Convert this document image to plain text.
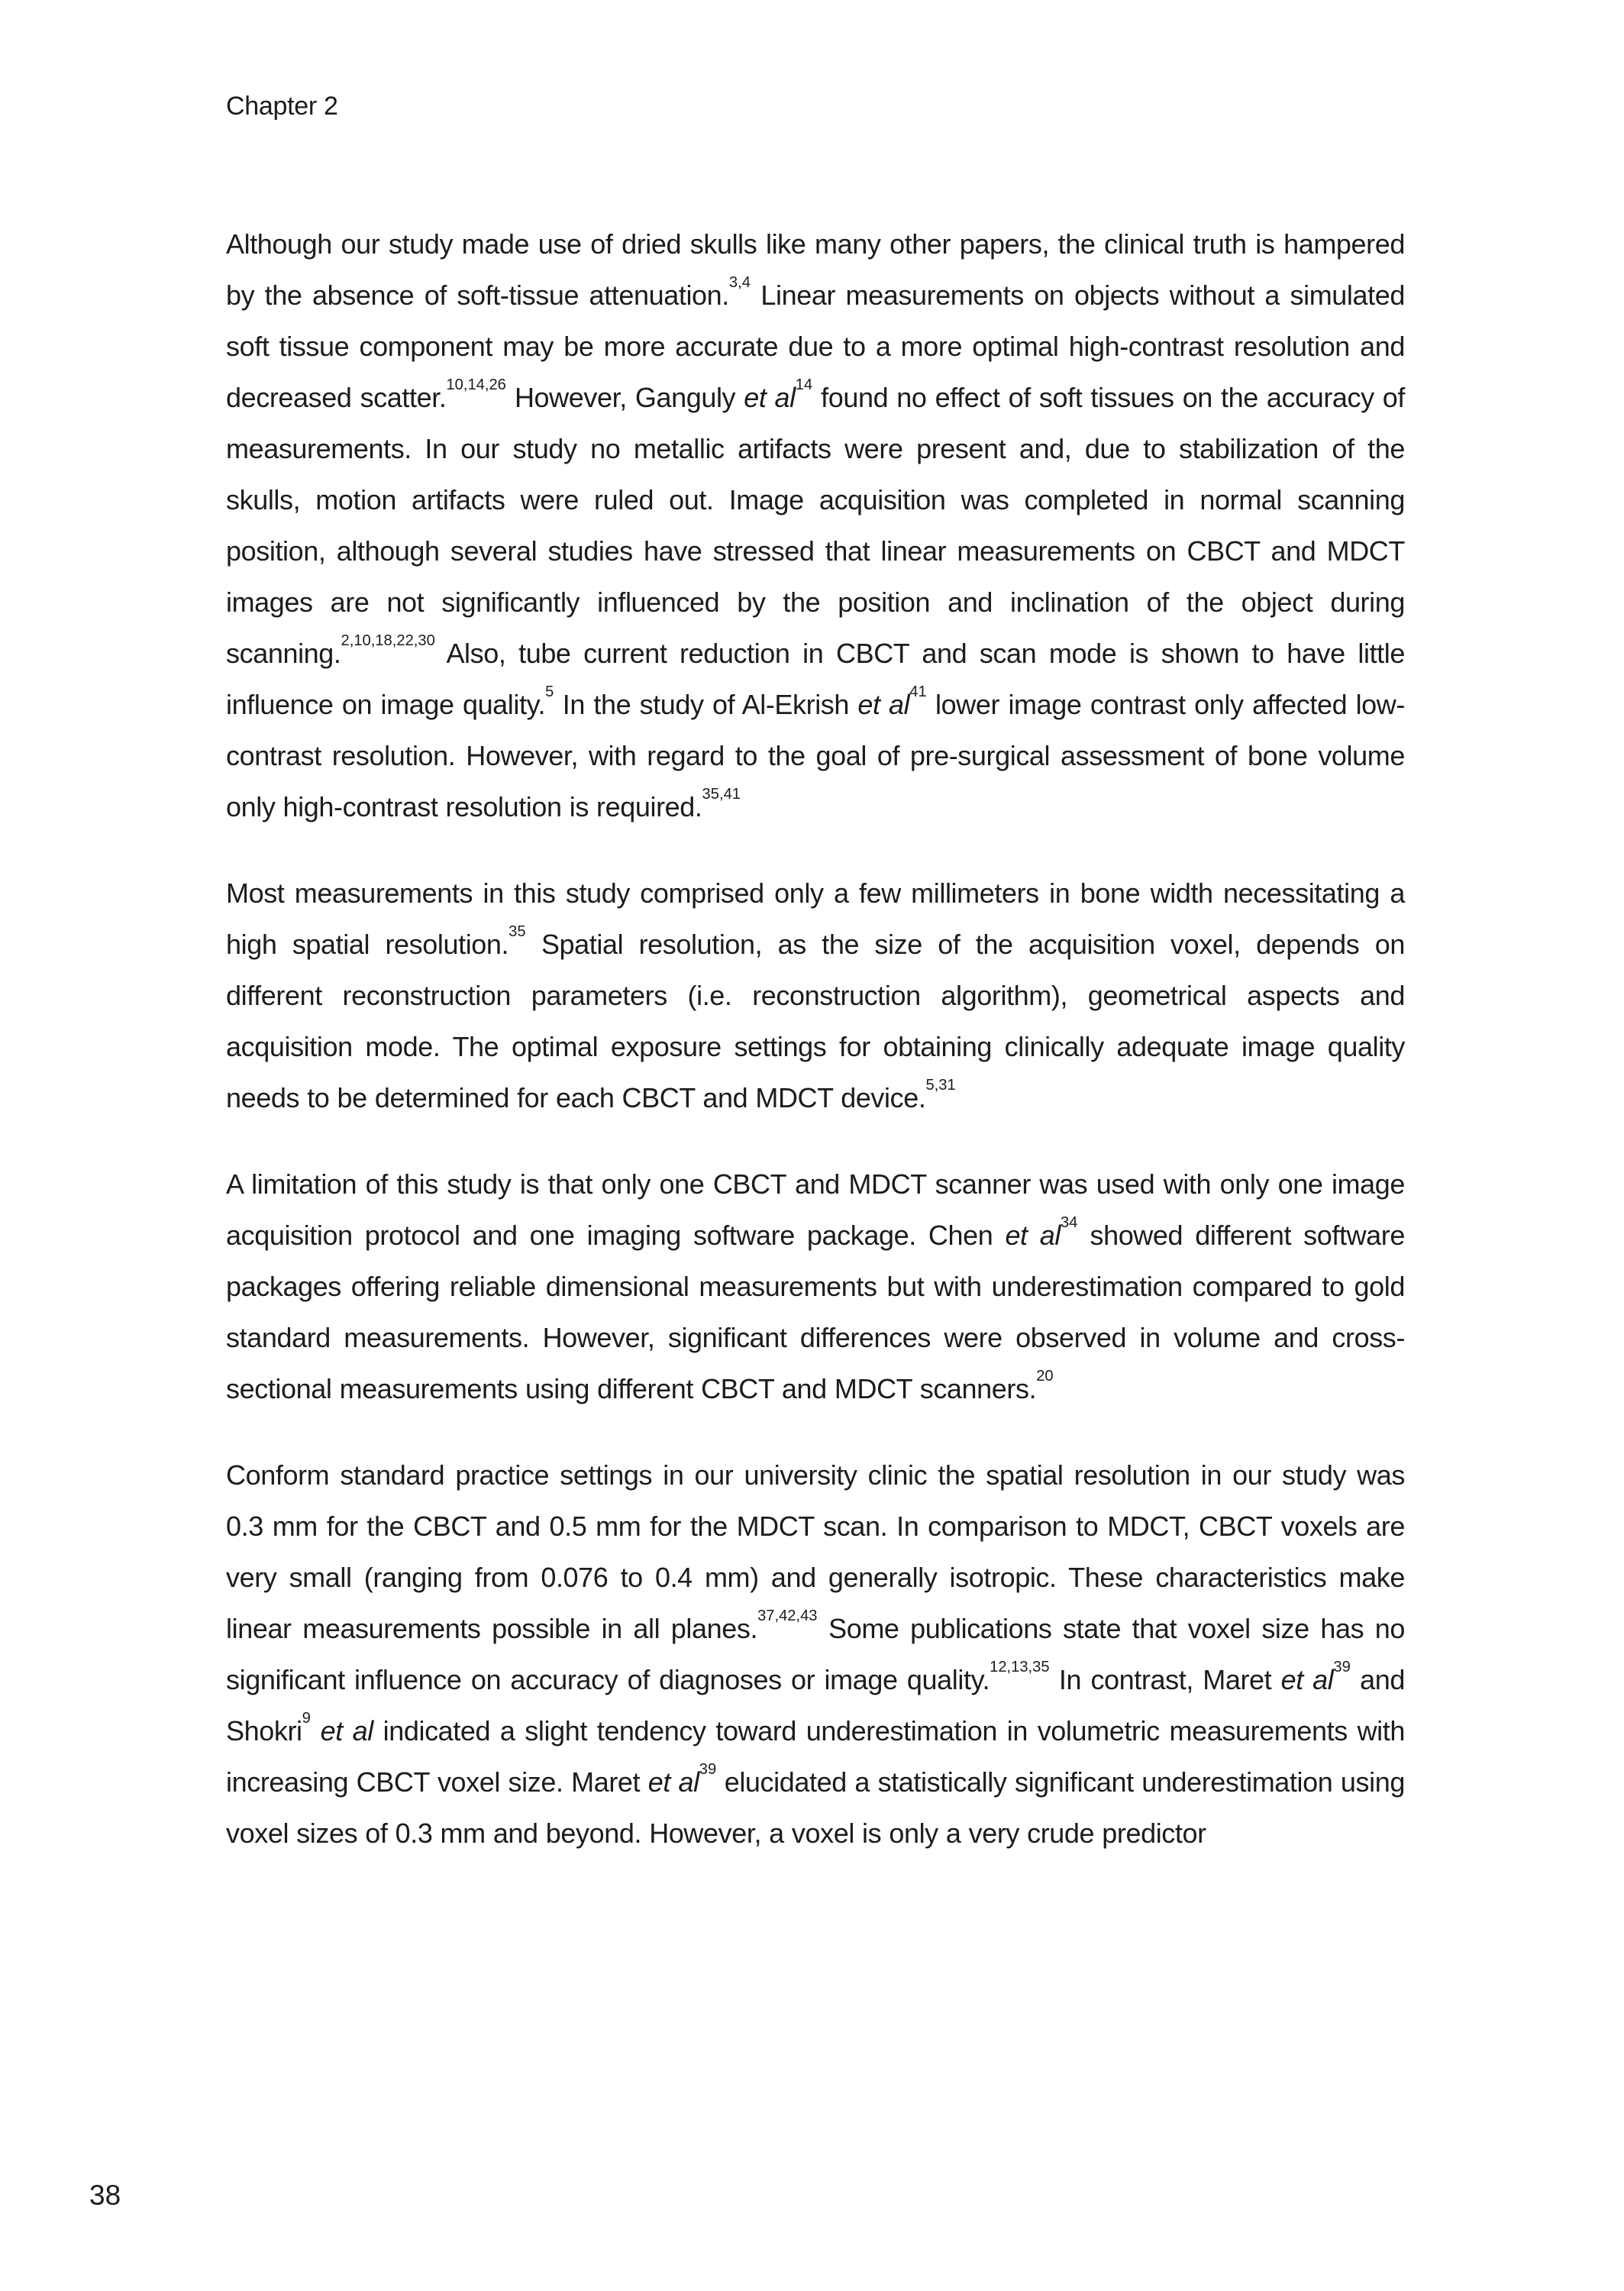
Chapter 2

Although our study made use of dried skulls like many other papers, the clinical truth is hampered by the absence of soft-tissue attenuation.$^{3,4}$ Linear measurements on objects without a simulated soft tissue component may be more accurate due to a more optimal high-contrast resolution and decreased scatter.$^{10,14,26}$ However, Ganguly et al$^{14}$ found no effect of soft tissues on the accuracy of measurements. In our study no metallic artifacts were present and, due to stabilization of the skulls, motion artifacts were ruled out. Image acquisition was completed in normal scanning position, although several studies have stressed that linear measurements on CBCT and MDCT images are not significantly influenced by the position and inclination of the object during scanning.$^{2,10,18,22,30}$ Also, tube current reduction in CBCT and scan mode is shown to have little influence on image quality.$^5$ In the study of Al-Ekrish et al$^{41}$ lower image contrast only affected low-contrast resolution. However, with regard to the goal of pre-surgical assessment of bone volume only high-contrast resolution is required.$^{35,41}$

Most measurements in this study comprised only a few millimeters in bone width necessitating a high spatial resolution.$^{35}$ Spatial resolution, as the size of the acquisition voxel, depends on different reconstruction parameters (i.e. reconstruction algorithm), geometrical aspects and acquisition mode. The optimal exposure settings for obtaining clinically adequate image quality needs to be determined for each CBCT and MDCT device.$^{5,31}$

A limitation of this study is that only one CBCT and MDCT scanner was used with only one image acquisition protocol and one imaging software package. Chen et al$^{34}$ showed different software packages offering reliable dimensional measurements but with underestimation compared to gold standard measurements. However, significant differences were observed in volume and cross-sectional measurements using different CBCT and MDCT scanners.$^{20}$

Conform standard practice settings in our university clinic the spatial resolution in our study was 0.3 mm for the CBCT and 0.5 mm for the MDCT scan. In comparison to MDCT, CBCT voxels are very small (ranging from 0.076 to 0.4 mm) and generally isotropic. These characteristics make linear measurements possible in all planes.$^{37,42,43}$ Some publications state that voxel size has no significant influence on accuracy of diagnoses or image quality.$^{12,13,35}$ In contrast, Maret et al$^{39}$ and Shokri$^9$ et al indicated a slight tendency toward underestimation in volumetric measurements with increasing CBCT voxel size. Maret et al$^{39}$ elucidated a statistically significant underestimation using voxel sizes of 0.3 mm and beyond. However, a voxel is only a very crude predictor

38
